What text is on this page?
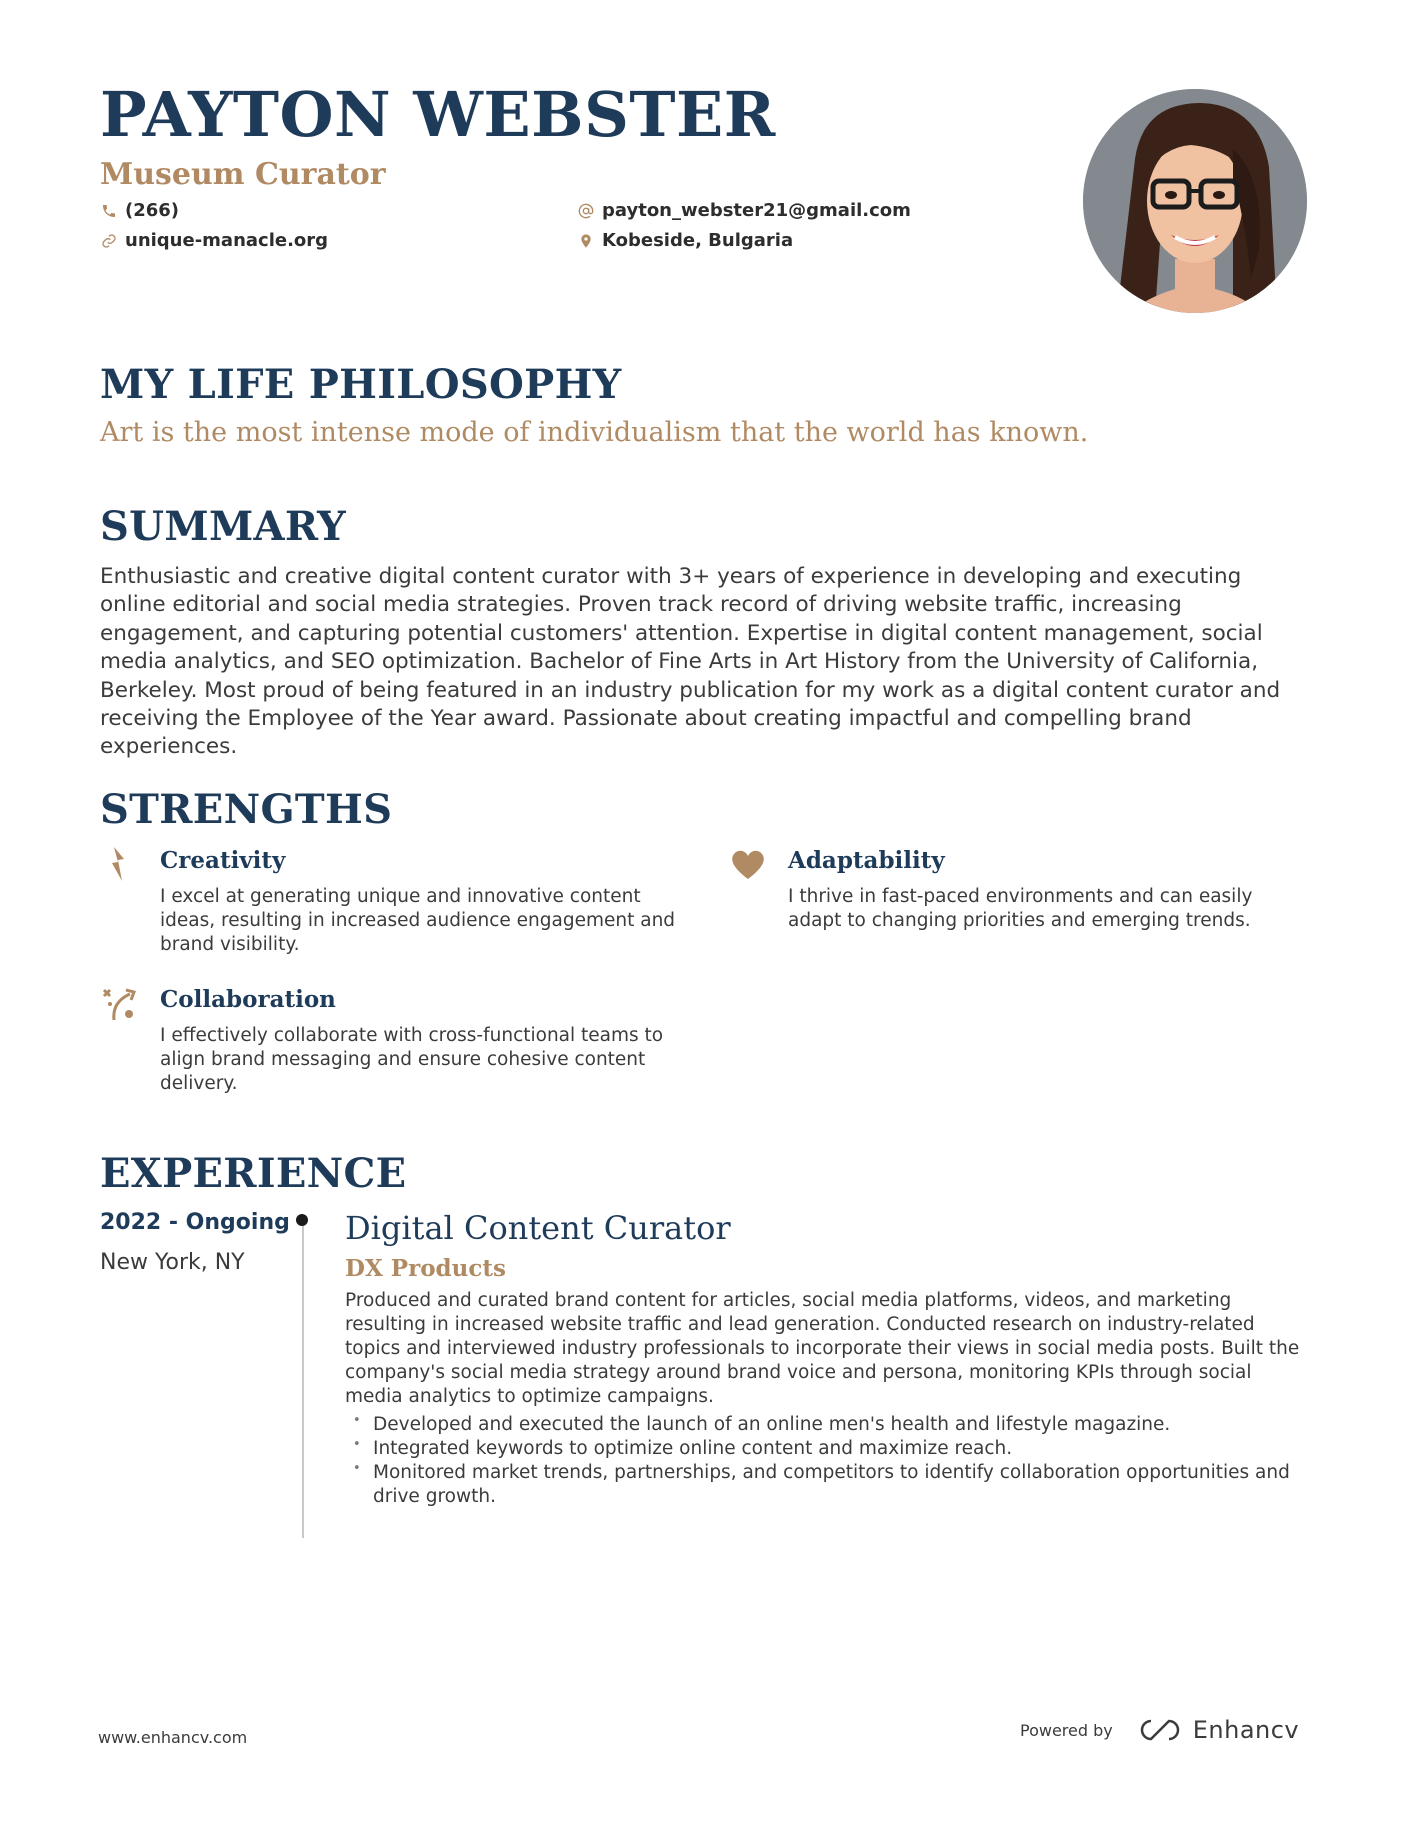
PAYTON WEBSTER
Museum Curator
(266)	payton_webster21@gmail.com
unique-manacle.org	Kobeside, Bulgaria
MY LIFE PHILOSOPHY
Art is the most intense mode of individualism that the world has known.
SUMMARY
Enthusiastic and creative digital content curator with 3+ years of experience in developing and executing online editorial and social media strategies. Proven track record of driving website traffic, increasing engagement, and capturing potential customers' attention. Expertise in digital content management, social media analytics, and SEO optimization. Bachelor of Fine Arts in Art History from the University of California, Berkeley. Most proud of being featured in an industry publication for my work as a digital content curator and receiving the Employee of the Year award. Passionate about creating impactful and compelling brand experiences.
STRENGTHS
Creativity
I excel at generating unique and innovative content ideas, resulting in increased audience engagement and brand visibility.
Adaptability
I thrive in fast-paced environments and can easily adapt to changing priorities and emerging trends.
Collaboration
I effectively collaborate with cross-functional teams to align brand messaging and ensure cohesive content delivery.
EXPERIENCE
2022 - Ongoing
New York, NY
Digital Content Curator
DX Products
Produced and curated brand content for articles, social media platforms, videos, and marketing resulting in increased website traffic and lead generation. Conducted research on industry-related topics and interviewed industry professionals to incorporate their views in social media posts. Built the company's social media strategy around brand voice and persona, monitoring KPIs through social media analytics to optimize campaigns.
• Developed and executed the launch of an online men's health and lifestyle magazine.
• Integrated keywords to optimize online content and maximize reach.
• Monitored market trends, partnerships, and competitors to identify collaboration opportunities and drive growth.
www.enhancv.com	Powered by	Enhancv
